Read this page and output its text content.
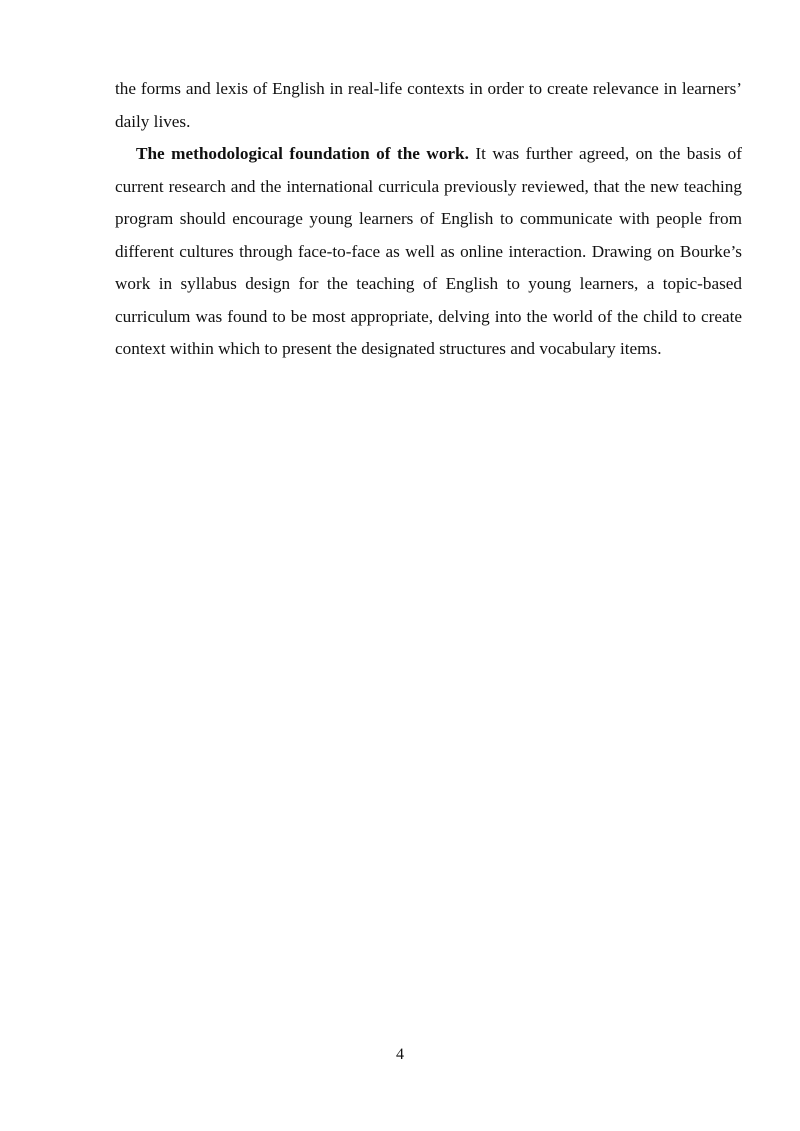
the forms and lexis of English in real-life contexts in order to create relevance in learners’ daily lives.

The methodological foundation of the work. It was further agreed, on the basis of current research and the international curricula previously reviewed, that the new teaching program should encourage young learners of English to communicate with people from different cultures through face-to-face as well as online interaction. Drawing on Bourke’s work in syllabus design for the teaching of English to young learners, a topic-based curriculum was found to be most appropriate, delving into the world of the child to create context within which to present the designated structures and vocabulary items.

4
